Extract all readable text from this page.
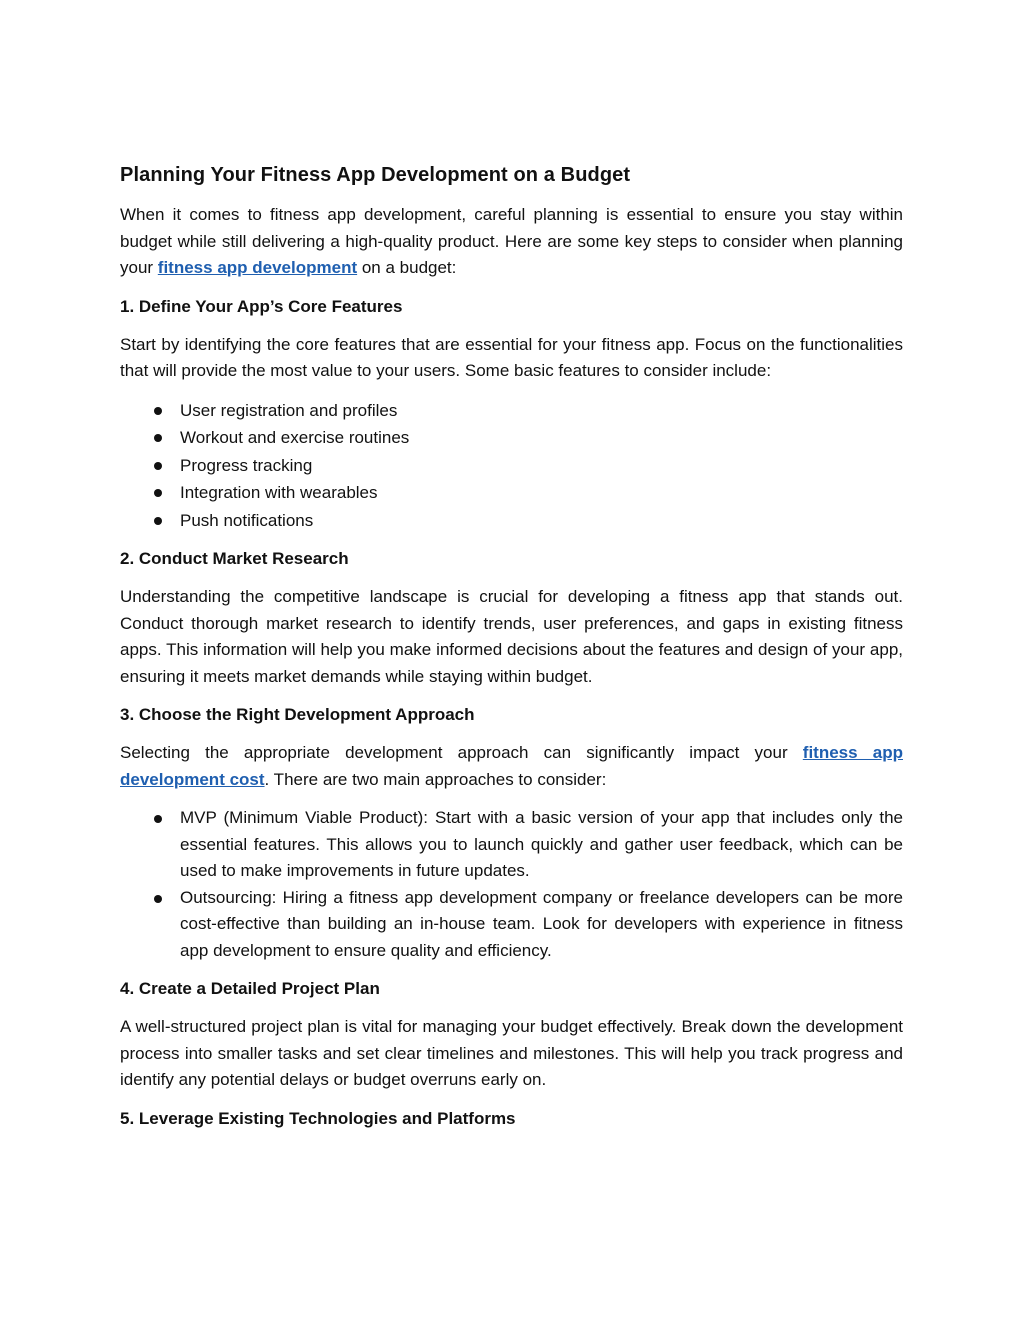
Planning Your Fitness App Development on a Budget

When it comes to fitness app development, careful planning is essential to ensure you stay within budget while still delivering a high-quality product. Here are some key steps to consider when planning your fitness app development on a budget:

1. Define Your App’s Core Features

Start by identifying the core features that are essential for your fitness app. Focus on the functionalities that will provide the most value to your users. Some basic features to consider include:

User registration and profiles
Workout and exercise routines
Progress tracking
Integration with wearables
Push notifications
2. Conduct Market Research

Understanding the competitive landscape is crucial for developing a fitness app that stands out. Conduct thorough market research to identify trends, user preferences, and gaps in existing fitness apps. This information will help you make informed decisions about the features and design of your app, ensuring it meets market demands while staying within budget.

3. Choose the Right Development Approach

Selecting the appropriate development approach can significantly impact your fitness app development cost. There are two main approaches to consider:

MVP (Minimum Viable Product): Start with a basic version of your app that includes only the essential features. This allows you to launch quickly and gather user feedback, which can be used to make improvements in future updates.
Outsourcing: Hiring a fitness app development company or freelance developers can be more cost-effective than building an in-house team. Look for developers with experience in fitness app development to ensure quality and efficiency.
4. Create a Detailed Project Plan

A well-structured project plan is vital for managing your budget effectively. Break down the development process into smaller tasks and set clear timelines and milestones. This will help you track progress and identify any potential delays or budget overruns early on.

5. Leverage Existing Technologies and Platforms
